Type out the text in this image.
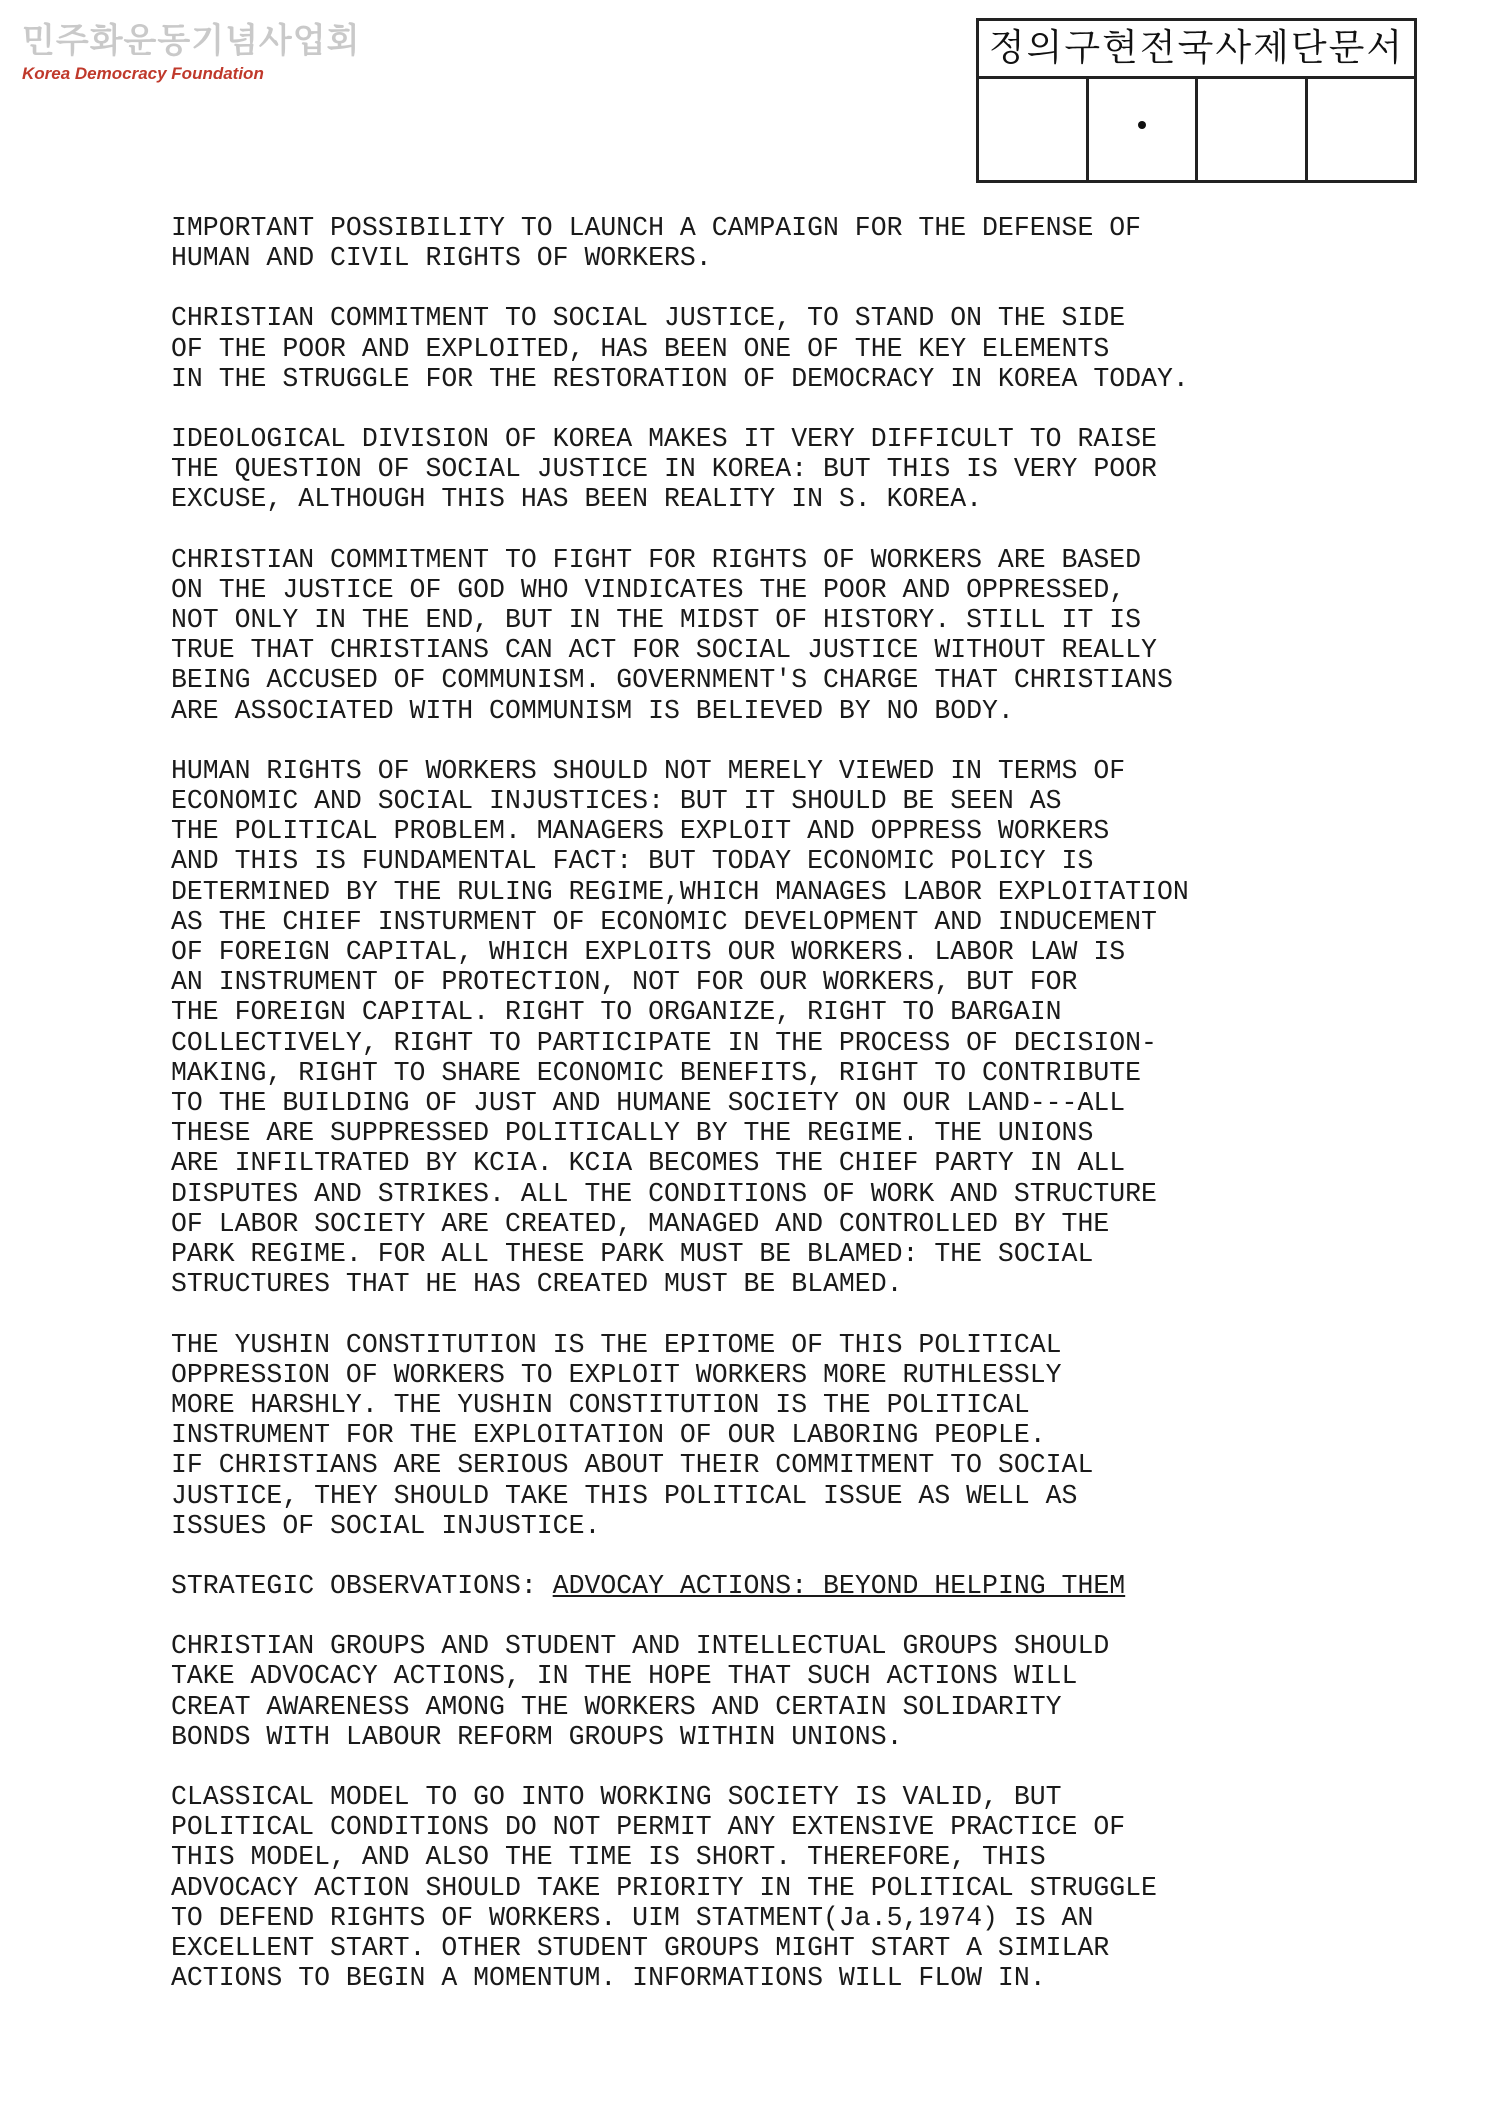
민주화운동기념사업회
Korea Democracy Foundation
정의구현전국사제단문서
IMPORTANT POSSIBILITY TO LAUNCH A CAMPAIGN FOR THE DEFENSE OF
HUMAN AND CIVIL RIGHTS OF WORKERS.
CHRISTIAN COMMITMENT TO SOCIAL JUSTICE, TO STAND ON THE SIDE
OF THE POOR AND EXPLOITED, HAS BEEN ONE OF THE KEY ELEMENTS
IN THE STRUGGLE FOR THE RESTORATION OF DEMOCRACY IN KOREA TODAY.
IDEOLOGICAL DIVISION OF KOREA MAKES IT VERY DIFFICULT TO RAISE
THE QUESTION OF SOCIAL JUSTICE IN KOREA: BUT THIS IS VERY POOR
EXCUSE, ALTHOUGH THIS HAS BEEN REALITY IN S. KOREA.
CHRISTIAN COMMITMENT TO FIGHT FOR RIGHTS OF WORKERS ARE BASED
ON THE JUSTICE OF GOD WHO VINDICATES THE POOR AND OPPRESSED,
NOT ONLY IN THE END, BUT IN THE MIDST OF HISTORY. STILL IT IS
TRUE THAT CHRISTIANS CAN ACT FOR SOCIAL JUSTICE WITHOUT REALLY
BEING ACCUSED OF COMMUNISM. GOVERNMENT'S CHARGE THAT CHRISTIANS
ARE ASSOCIATED WITH COMMUNISM IS BELIEVED BY NO BODY.
HUMAN RIGHTS OF WORKERS SHOULD NOT MERELY VIEWED IN TERMS OF
ECONOMIC AND SOCIAL INJUSTICES: BUT IT SHOULD BE SEEN AS
THE POLITICAL PROBLEM. MANAGERS EXPLOIT AND OPPRESS WORKERS
AND THIS IS FUNDAMENTAL FACT: BUT TODAY ECONOMIC POLICY IS
DETERMINED BY THE RULING REGIME,WHICH MANAGES LABOR EXPLOITATION
AS THE CHIEF INSTURMENT OF ECONOMIC DEVELOPMENT AND INDUCEMENT
OF FOREIGN CAPITAL, WHICH EXPLOITS OUR WORKERS. LABOR LAW IS
AN INSTRUMENT OF PROTECTION, NOT FOR OUR WORKERS, BUT FOR
THE FOREIGN CAPITAL. RIGHT TO ORGANIZE, RIGHT TO BARGAIN
COLLECTIVELY, RIGHT TO PARTICIPATE IN THE PROCESS OF DECISION-
MAKING, RIGHT TO SHARE ECONOMIC BENEFITS, RIGHT TO CONTRIBUTE
TO THE BUILDING OF JUST AND HUMANE SOCIETY ON OUR LAND---ALL
THESE ARE SUPPRESSED POLITICALLY BY THE REGIME. THE UNIONS
ARE INFILTRATED BY KCIA. KCIA BECOMES THE CHIEF PARTY IN ALL
DISPUTES AND STRIKES. ALL THE CONDITIONS OF WORK AND STRUCTURE
OF LABOR SOCIETY ARE CREATED, MANAGED AND CONTROLLED BY THE
PARK REGIME. FOR ALL THESE PARK MUST BE BLAMED: THE SOCIAL
STRUCTURES THAT HE HAS CREATED MUST BE BLAMED.
THE YUSHIN CONSTITUTION IS THE EPITOME OF THIS POLITICAL
OPPRESSION OF WORKERS TO EXPLOIT WORKERS MORE RUTHLESSLY
MORE HARSHLY. THE YUSHIN CONSTITUTION IS THE POLITICAL
INSTRUMENT FOR THE EXPLOITATION OF OUR LABORING PEOPLE.
IF CHRISTIANS ARE SERIOUS ABOUT THEIR COMMITMENT TO SOCIAL
JUSTICE, THEY SHOULD TAKE THIS POLITICAL ISSUE AS WELL AS
ISSUES OF SOCIAL INJUSTICE.
STRATEGIC OBSERVATIONS: ADVOCAY ACTIONS: BEYOND HELPING THEM
CHRISTIAN GROUPS AND STUDENT AND INTELLECTUAL GROUPS SHOULD
TAKE ADVOCACY ACTIONS, IN THE HOPE THAT SUCH ACTIONS WILL
CREAT AWARENESS AMONG THE WORKERS AND CERTAIN SOLIDARITY
BONDS WITH LABOUR REFORM GROUPS WITHIN UNIONS.
CLASSICAL MODEL TO GO INTO WORKING SOCIETY IS VALID, BUT
POLITICAL CONDITIONS DO NOT PERMIT ANY EXTENSIVE PRACTICE OF
THIS MODEL, AND ALSO THE TIME IS SHORT. THEREFORE, THIS
ADVOCACY ACTION SHOULD TAKE PRIORITY IN THE POLITICAL STRUGGLE
TO DEFEND RIGHTS OF WORKERS. UIM STATMENT(Ja.5,1974) IS AN
EXCELLENT START. OTHER STUDENT GROUPS MIGHT START A SIMILAR
ACTIONS TO BEGIN A MOMENTUM. INFORMATIONS WILL FLOW IN.
